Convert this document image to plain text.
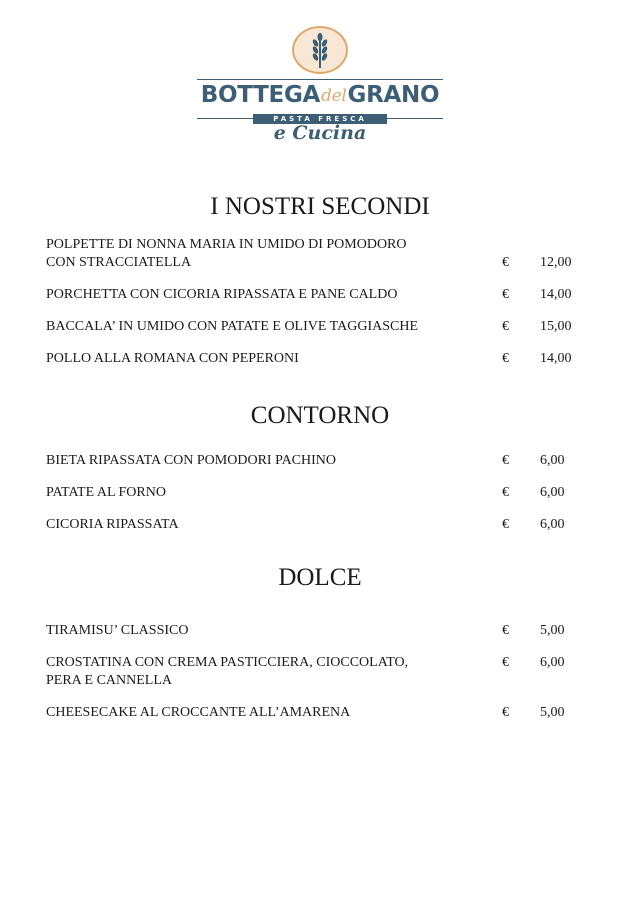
BOTTEGAdelGRANO
PASTA FRESCA
e Cucina
I NOSTRI SECONDI
POLPETTE DI NONNA MARIA IN UMIDO DI POMODORO
CON STRACCIATELLA	€ 12,00
PORCHETTA CON CICORIA RIPASSATA E PANE CALDO	€ 14,00
BACCALA’ IN UMIDO CON PATATE E OLIVE TAGGIASCHE	€ 15,00
POLLO ALLA ROMANA CON PEPERONI	€ 14,00
CONTORNO
BIETA RIPASSATA CON POMODORI PACHINO	€ 6,00
PATATE AL FORNO	€ 6,00
CICORIA RIPASSATA	€ 6,00
DOLCE
TIRAMISU’ CLASSICO	€ 5,00
CROSTATINA CON CREMA PASTICCIERA, CIOCCOLATO,
PERA E CANNELLA
€ 6,00
CHEESECAKE AL CROCCANTE ALL’AMARENA	€ 5,00
